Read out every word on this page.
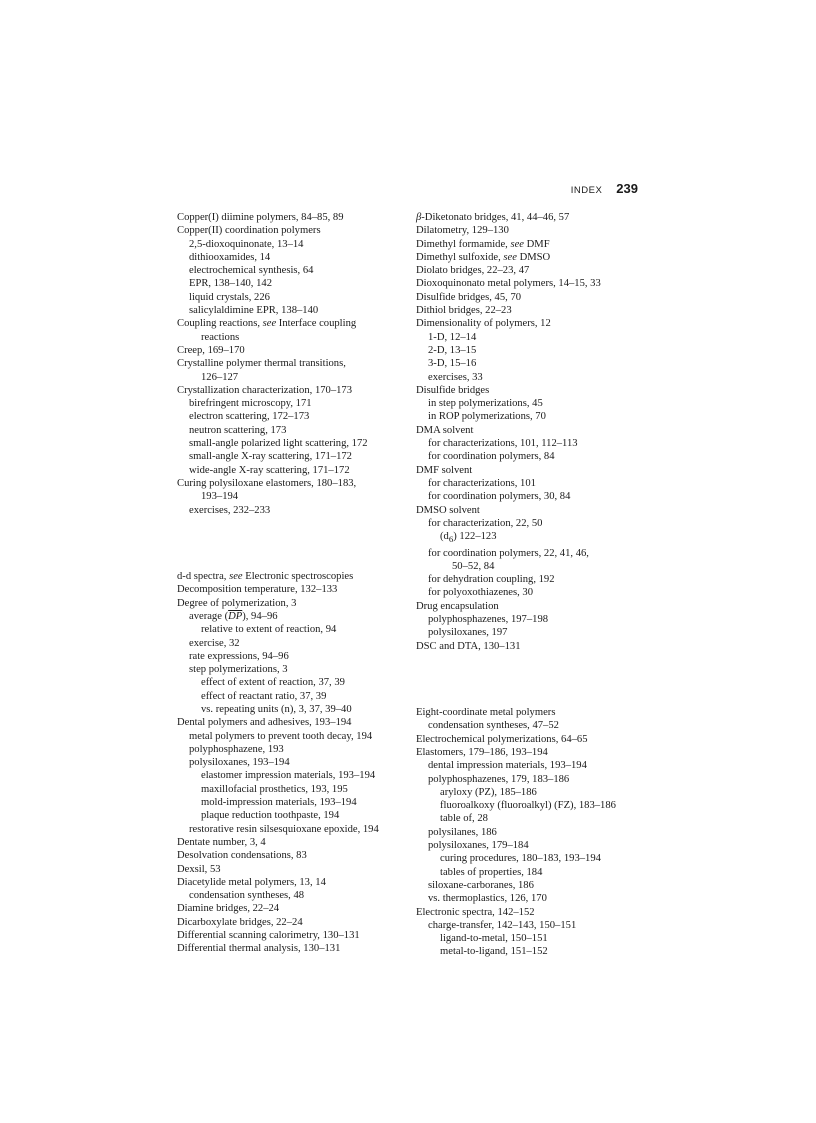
INDEX 239
Copper(I) diimine polymers, 84–85, 89
Copper(II) coordination polymers
2,5-dioxoquinonate, 13–14
dithiooxamides, 14
electrochemical synthesis, 64
EPR, 138–140, 142
liquid crystals, 226
salicylaldimine EPR, 138–140
Coupling reactions, see Interface coupling
reactions
Creep, 169–170
Crystalline polymer thermal transitions,
126–127
Crystallization characterization, 170–173
birefringent microscopy, 171
electron scattering, 172–173
neutron scattering, 173
small-angle polarized light scattering, 172
small-angle X-ray scattering, 171–172
wide-angle X-ray scattering, 171–172
Curing polysiloxane elastomers, 180–183,
193–194
exercises, 232–233
d-d spectra, see Electronic spectroscopies
Decomposition temperature, 132–133
Degree of polymerization, 3
average $(\overline{DP})$, 94–96
relative to extent of reaction, 94
exercise, 32
rate expressions, 94–96
step polymerizations, 3
effect of extent of reaction, 37, 39
effect of reactant ratio, 37, 39
vs. repeating units (n), 3, 37, 39–40
Dental polymers and adhesives, 193–194
metal polymers to prevent tooth decay, 194
polyphosphazene, 193
polysiloxanes, 193–194
elastomer impression materials, 193–194
maxillofacial prosthetics, 193, 195
mold-impression materials, 193–194
plaque reduction toothpaste, 194
restorative resin silsesquioxane epoxide, 194
Dentate number, 3, 4
Desolvation condensations, 83
Dexsil, 53
Diacetylide metal polymers, 13, 14
condensation syntheses, 48
Diamine bridges, 22–24
Dicarboxylate bridges, 22–24
Differential scanning calorimetry, 130–131
Differential thermal analysis, 130–131
β-Diketonato bridges, 41, 44–46, 57
Dilatometry, 129–130
Dimethyl formamide, see DMF
Dimethyl sulfoxide, see DMSO
Diolato bridges, 22–23, 47
Dioxoquinonato metal polymers, 14–15, 33
Disulfide bridges, 45, 70
Dithiol bridges, 22–23
Dimensionality of polymers, 12
1-D, 12–14
2-D, 13–15
3-D, 15–16
exercises, 33
Disulfide bridges
in step polymerizations, 45
in ROP polymerizations, 70
DMA solvent
for characterizations, 101, 112–113
for coordination polymers, 84
DMF solvent
for characterizations, 101
for coordination polymers, 30, 84
DMSO solvent
for characterization, 22, 50
$(d_6)$ 122–123
for coordination polymers, 22, 41, 46,
50–52, 84
for dehydration coupling, 192
for polyoxothiazenes, 30
Drug encapsulation
polyphosphazenes, 197–198
polysiloxanes, 197
DSC and DTA, 130–131
Eight-coordinate metal polymers
condensation syntheses, 47–52
Electrochemical polymerizations, 64–65
Elastomers, 179–186, 193–194
dental impression materials, 193–194
polyphosphazenes, 179, 183–186
aryloxy (PZ), 185–186
fluoroalkoxy (fluoroalkyl) (FZ), 183–186
table of, 28
polysilanes, 186
polysiloxanes, 179–184
curing procedures, 180–183, 193–194
tables of properties, 184
siloxane-carboranes, 186
vs. thermoplastics, 126, 170
Electronic spectra, 142–152
charge-transfer, 142–143, 150–151
ligand-to-metal, 150–151
metal-to-ligand, 151–152
